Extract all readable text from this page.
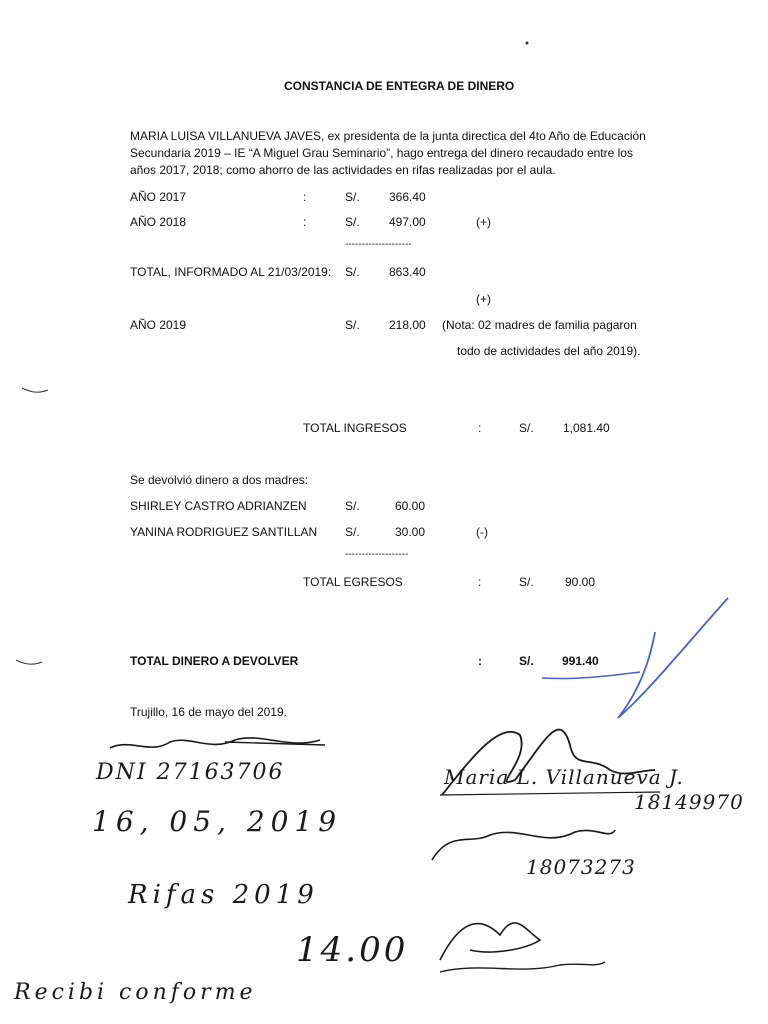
CONSTANCIA DE ENTEGRA DE DINERO
MARIA LUISA VILLANUEVA JAVES, ex presidenta de la junta directica del 4to Año de Educación Secundaria 2019 – IE “A Miguel Grau Seminario”, hago entrega del dinero recaudado entre los años 2017, 2018; como ahorro de las actividades en rifas realizadas por el aula.
AÑO 2017	:	S/. 366.40
AÑO 2018	:	S/. 497.00	(+)
--------------------
TOTAL, INFORMADO AL 21/03/2019: S/. 863.40
(+)
AÑO 2019	S/. 218.00 (Nota: 02 madres de familia pagaron
todo de actividades del año 2019).
TOTAL INGRESOS	:	S/. 1,081.40
Se devolvió dinero a dos madres:
SHIRLEY CASTRO ADRIANZEN	S/.	60.00
YANINA RODRIGUEZ SANTILLAN S/.	30.00	(-)
-------------------
TOTAL EGRESOS	:	S/.	90.00
TOTAL DINERO A DEVOLVER	:	S/. 991.40
Trujillo, 16 de mayo del 2019.
DNI 27163706
16, 05, 2019
Rifas 2019
14.00
Recibi conforme
18149970
18073273
Maria L. Villanueva J.
